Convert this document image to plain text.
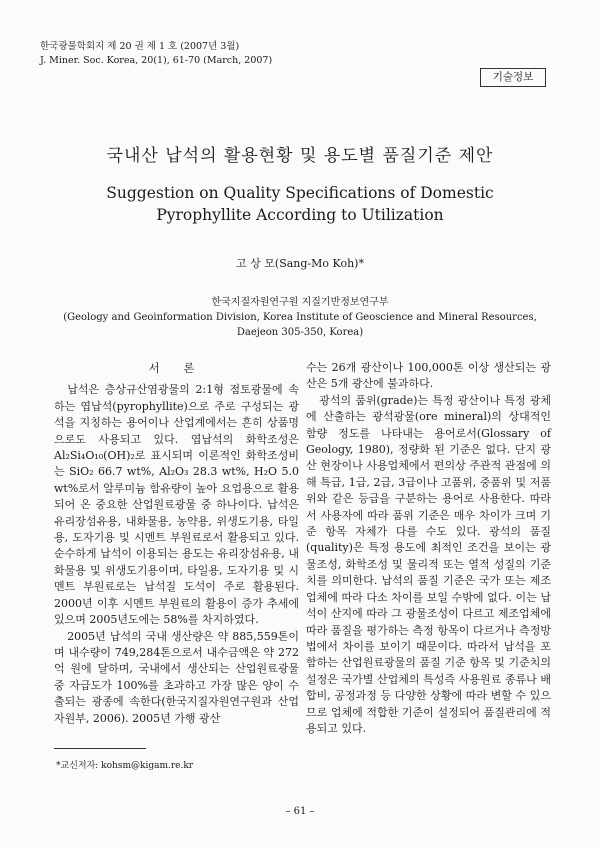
한국광물학회지 제 20 권 제 1 호 (2007년 3월)
J. Miner. Soc. Korea, 20(1), 61-70 (March, 2007)
기술정보
국내산 납석의 활용현황 및 용도별 품질기준 제안
Suggestion on Quality Specifications of Domestic Pyrophyllite According to Utilization
고 상 모(Sang-Mo Koh)*
한국지질자원연구원 지질기반정보연구부
(Geology and Geoinformation Division, Korea Institute of Geoscience and Mineral Resources, Daejeon 305-350, Korea)
서 론

납석은 층상규산염광물의 2:1형 점토광물에 속하는 엽납석(pyrophyllite)으로 주로 구성되는 광석을 지칭하는 용어이나 산업계에서는 흔히 상품명으로도 사용되고 있다. 엽납석의 화학조성은 Al₂Si₄O₁₀(OH)₂로 표시되며 이론적인 화학조성비는 SiO₂ 66.7 wt%, Al₂O₃ 28.3 wt%, H₂O 5.0 wt%로서 알루미늄 함유량이 높아 요업용으로 활용되어 온 중요한 산업원료광물 중 하나이다. 납석은 유리장섬유용, 내화물용, 농약용, 위생도기용, 타일용, 도자기용 및 시멘트 부원료로서 활용되고 있다. 순수하게 납석이 이용되는 용도는 유리장섬유용, 내화물용 및 위생도기용이며, 타일용, 도자기용 및 시멘트 부원료로는 납석질 도석이 주로 활용된다. 2000년 이후 시멘트 부원료의 활용이 증가 추세에 있으며 2005년도에는 58%를 차지하였다.

2005년 납석의 국내 생산량은 약 885,559톤이며 내수량이 749,284톤으로서 내수금액은 약 272억 원에 달하며, 국내에서 생산되는 산업원료광물 중 자급도가 100%를 초과하고 가장 많은 양이 수출되는 광종에 속한다(한국지질자원연구원과 산업자원부, 2006). 2005년 가행 광산

수는 26개 광산이나 100,000톤 이상 생산되는 광산은 5개 광산에 불과하다.

광석의 품위(grade)는 특정 광산이나 특정 광체에 산출하는 광석광물(ore mineral)의 상대적인 함량 정도를 나타내는 용어로서(Glossary of Geology, 1980), 정량화 된 기준은 없다. 단지 광산 현장이나 사용업체에서 편의상 주관적 관점에 의해 특급, 1급, 2급, 3급이나 고품위, 중품위 및 저품위와 같은 등급을 구분하는 용어로 사용한다. 따라서 사용자에 따라 품위 기준은 매우 차이가 크며 기준 항목 자체가 다를 수도 있다. 광석의 품질(quality)은 특정 용도에 최적인 조건을 보이는 광물조성, 화학조성 및 물리적 또는 열적 성질의 기준치를 의미한다. 납석의 품질 기준은 국가 또는 제조업체에 따라 다소 차이를 보일 수밖에 없다. 이는 납석이 산지에 따라 그 광물조성이 다르고 제조업체에 따라 품질을 평가하는 측정 항목이 다르거나 측정방법에서 차이를 보이기 때문이다. 따라서 납석을 포함하는 산업원료광물의 품질 기준 항목 및 기준치의 설정은 국가별 산업체의 특성즉 사용원료 종류나 배합비, 공정과정 등 다양한 상황에 따라 변할 수 있으므로 업체에 적합한 기준이 설정되어 품질관리에 적용되고 있다.

*교신저자: kohsm@kigam.re.kr
– 61 –
